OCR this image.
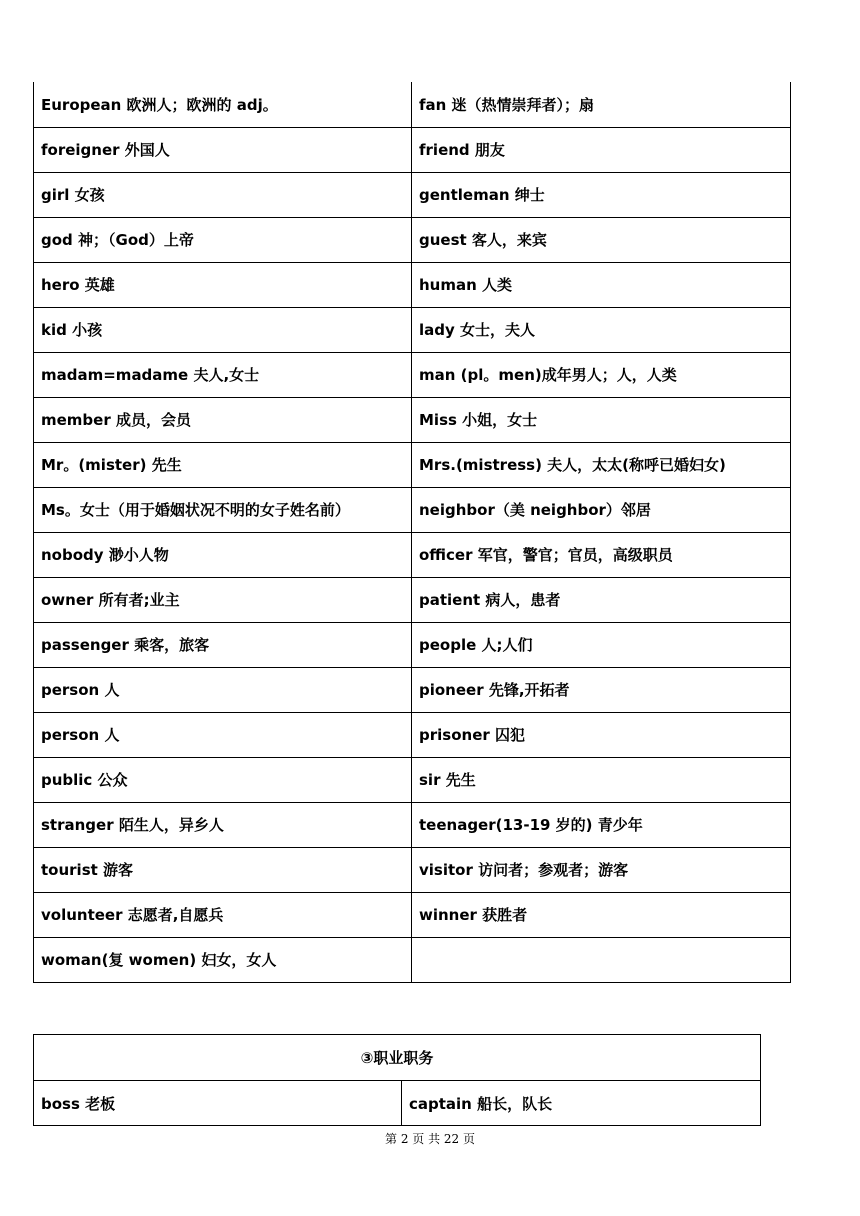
European 欧洲人；欧洲的 adj。	fan 迷（热情崇拜者）；扇
foreigner 外国人	friend 朋友
girl 女孩	gentleman 绅士
god 神；（God）上帝	guest 客人，来宾
hero 英雄	human 人类
kid 小孩	lady 女士，夫人
madam=madame 夫人,女士	man (pl。men)成年男人；人，人类
member 成员，会员	Miss 小姐，女士
Mr。(mister) 先生	Mrs.(mistress) 夫人，太太(称呼已婚妇女)
Ms。女士（用于婚姻状况不明的女子姓名前）	neighbor（美 neighbor）邻居
nobody 渺小人物	officer 军官，警官；官员，高级职员
owner 所有者;业主	patient 病人，患者
passenger 乘客，旅客	people 人;人们
person 人	pioneer 先锋,开拓者
person 人	prisoner 囚犯
public 公众	sir 先生
stranger 陌生人，异乡人	teenager(13-19 岁的) 青少年
tourist 游客	visitor 访问者；参观者；游客
volunteer 志愿者,自愿兵	winner 获胜者
woman(复 women) 妇女，女人	
③职业职务
boss 老板	captain 船长，队长
第 2 页 共 22 页
